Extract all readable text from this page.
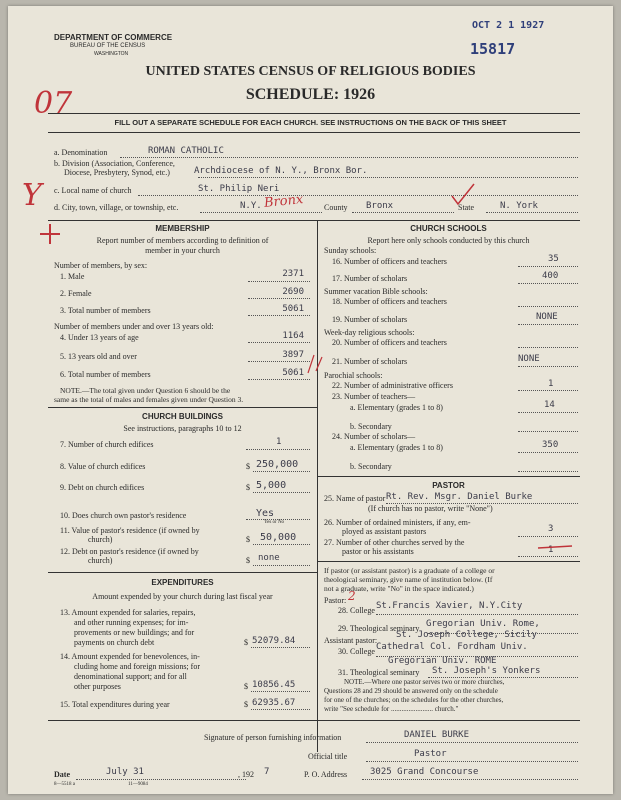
OCT 2 1 1927
15817
DEPARTMENT OF COMMERCE
BUREAU OF THE CENSUS
WASHINGTON
UNITED STATES CENSUS OF RELIGIOUS BODIES
SCHEDULE: 1926
07
FILL OUT A SEPARATE SCHEDULE FOR EACH CHURCH. SEE INSTRUCTIONS ON THE BACK OF THIS SHEET
a. Denomination	ROMAN CATHOLIC
b. Division (Association, Conference,
Diocese, Presbytery, Synod, etc.)	Archdiocese of N. Y., Bronx Bor.
c. Local name of church	St. Philip Neri
d. City, town, village, or township, etc.	N.Y. Bronx	County Bronx	State	N. York
Y
MEMBERSHIP
Report number of members according to definition of
member in your church
Number of members, by sex:
1. Male	2371
2. Female	2690
3. Total number of members	5061
Number of members under and over 13 years old:
4. Under 13 years of age	1164
5. 13 years old and over	3897
6. Total number of members	5061
NOTE.—The total given under Question 6 should be the
same as the total of males and females given under Question 3.
CHURCH BUILDINGS
See instructions, paragraphs 10 to 12
7. Number of church edifices	1
8. Value of church edifices	$ 250,000
9. Debt on church edifices	$ 5,000
10. Does church own pastor's residence	Yes
Yes or No
11. Value of pastor's residence (if owned by
church)	$ 50,000
12. Debt on pastor's residence (if owned by
church)	$ none
EXPENDITURES
Amount expended by your church during last fiscal year
13. Amount expended for salaries, repairs,
and other running expenses; for im-
provements or new buildings; and for
payments on church debt	$ 52079.84
14. Amount expended for benevolences, in-
cluding home and foreign missions; for
denominational support; and for all
other purposes	$ 10856.45
15. Total expenditures during year	$ 62935.67
CHURCH SCHOOLS
Report here only schools conducted by this church
Sunday schools:
16. Number of officers and teachers	35
17. Number of scholars	400
Summer vacation Bible schools:
18. Number of officers and teachers
19. Number of scholars	NONE
Week-day religious schools:
20. Number of officers and teachers
21. Number of scholars	NONE
Parochial schools:
22. Number of administrative officers	1
23. Number of teachers—
a. Elementary (grades 1 to 8)	14
b. Secondary
24. Number of scholars—
a. Elementary (grades 1 to 8)	350
b. Secondary
PASTOR
25. Name of pastor Rt. Rev. Msgr. Daniel Burke
(If church has no pastor, write "None")
26. Number of ordained ministers, if any, em-
ployed as assistant pastors	3
27. Number of other churches served by the
pastor or his assistants	1
If pastor (or assistant pastor) is a graduate of a college or
theological seminary, give name of institution below. (If
not a graduate, write "No" in the space indicated.)
Pastor: 2
28. College St.Francis Xavier, N.Y.City
29. Theological seminary Gregorian Univ. Rome,
Assistant pastor:
St. Joseph College, Sicily
30. College Cathedral Col. Fordham Univ.
Gregorian Univ. ROME
31. Theological seminary St. Joseph's Yonkers
NOTE.—Where one pastor serves two or more churches,
Questions 28 and 29 should be answered only on the schedule
for one of the churches; on the schedules for the other churches,
write "See schedule for ........................ church."
Signature of person furnishing information	DANIEL BURKE
Official title	Pastor
Date	July 31	, 192 7	P. O. Address	3025 Grand Concourse
8—5518 a	11—9084
